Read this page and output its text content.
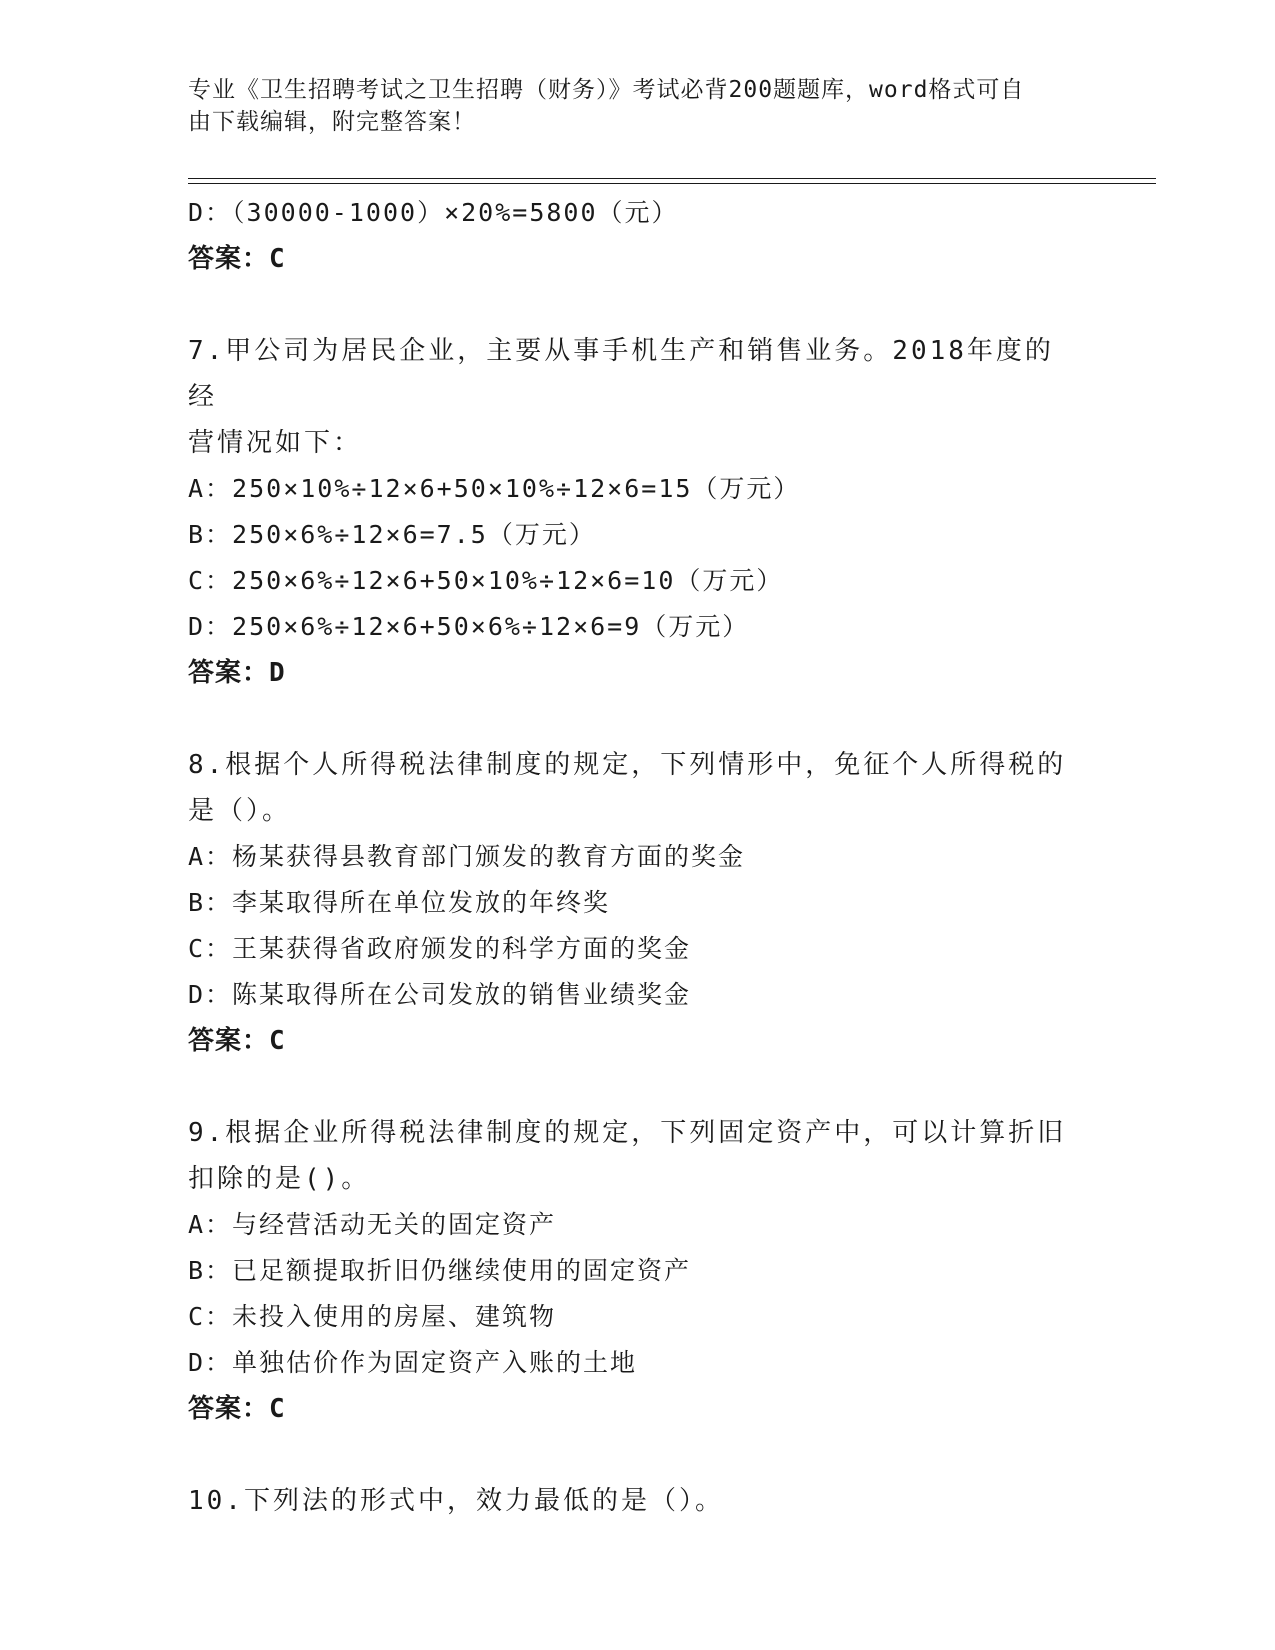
专业《卫生招聘考试之卫生招聘（财务）》考试必背200题题库，word格式可自
由下载编辑，附完整答案！
D：（30000-1000）×20%=5800（元）
答案：C
7.甲公司为居民企业，主要从事手机生产和销售业务。2018年度的经
营情况如下：
A：250×10%÷12×6+50×10%÷12×6=15（万元）
B：250×6%÷12×6=7.5（万元）
C：250×6%÷12×6+50×10%÷12×6=10（万元）
D：250×6%÷12×6+50×6%÷12×6=9（万元）
答案：D
8.根据个人所得税法律制度的规定，下列情形中，免征个人所得税的
是（）。
A：杨某获得县教育部门颁发的教育方面的奖金
B：李某取得所在单位发放的年终奖
C：王某获得省政府颁发的科学方面的奖金
D：陈某取得所在公司发放的销售业绩奖金
答案：C
9.根据企业所得税法律制度的规定，下列固定资产中，可以计算折旧
扣除的是()。
A：与经营活动无关的固定资产
B：已足额提取折旧仍继续使用的固定资产
C：未投入使用的房屋、建筑物
D：单独估价作为固定资产入账的土地
答案：C
10.下列法的形式中，效力最低的是（）。
